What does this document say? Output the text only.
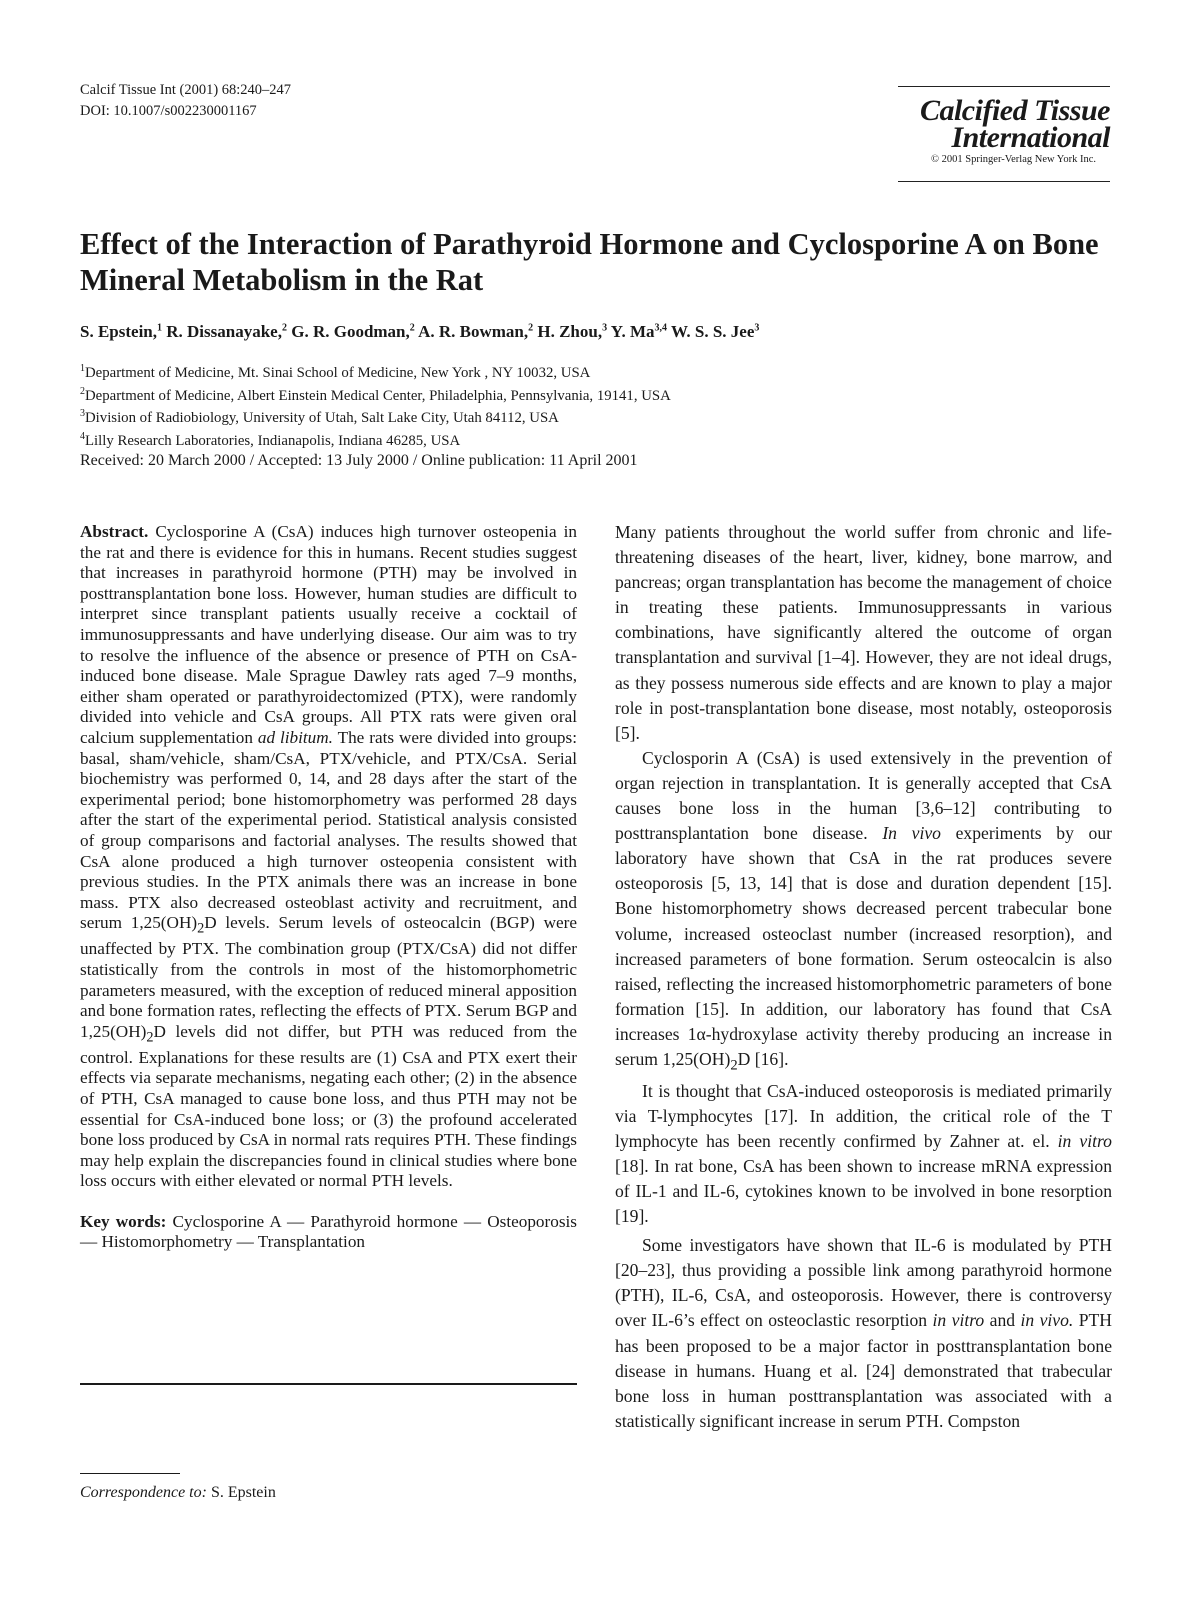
Calcif Tissue Int (2001) 68:240–247
DOI: 10.1007/s002230001167	Calcified Tissue
International
© 2001 Springer-Verlag New York Inc.
Effect of the Interaction of Parathyroid Hormone and Cyclosporine A on Bone Mineral Metabolism in the Rat
S. Epstein,$^1$ R. Dissanayake,$^2$ G. R. Goodman,$^2$ A. R. Bowman,$^2$ H. Zhou,$^3$ Y. Ma$^{3,4}$ W. S. S. Jee$^3$
$^1$Department of Medicine, Mt. Sinai School of Medicine, New York , NY 10032, USA
$^2$Department of Medicine, Albert Einstein Medical Center, Philadelphia, Pennsylvania, 19141, USA
$^3$Division of Radiobiology, University of Utah, Salt Lake City, Utah 84112, USA
$^4$Lilly Research Laboratories, Indianapolis, Indiana 46285, USA
Received: 20 March 2000 / Accepted: 13 July 2000 / Online publication: 11 April 2001

Abstract. Cyclosporine A (CsA) induces high turnover osteopenia in the rat and there is evidence for this in humans. Recent studies suggest that increases in parathyroid hormone (PTH) may be involved in posttransplantation bone loss. However, human studies are difficult to interpret since transplant patients usually receive a cocktail of immunosuppressants and have underlying disease. Our aim was to try to resolve the influence of the absence or presence of PTH on CsA-induced bone disease. Male Sprague Dawley rats aged 7–9 months, either sham operated or parathyroidectomized (PTX), were randomly divided into vehicle and CsA groups. All PTX rats were given oral calcium supplementation ad libitum. The rats were divided into groups: basal, sham/vehicle, sham/CsA, PTX/vehicle, and PTX/CsA. Serial biochemistry was performed 0, 14, and 28 days after the start of the experimental period; bone histomorphometry was performed 28 days after the start of the experimental period. Statistical analysis consisted of group comparisons and factorial analyses. The results showed that CsA alone produced a high turnover osteopenia consistent with previous studies. In the PTX animals there was an increase in bone mass. PTX also decreased osteoblast activity and recruitment, and serum $1,25(OH)_2D$ levels. Serum levels of osteocalcin (BGP) were unaffected by PTX. The combination group (PTX/CsA) did not differ statistically from the controls in most of the histomorphometric parameters measured, with the exception of reduced mineral apposition and bone formation rates, reflecting the effects of PTX. Serum BGP and $1,25(OH)_2D$ levels did not differ, but PTH was reduced from the control. Explanations for these results are (1) CsA and PTX exert their effects via separate mechanisms, negating each other; (2) in the absence of PTH, CsA managed to cause bone loss, and thus PTH may not be essential for CsA-induced bone loss; or (3) the profound accelerated bone loss produced by CsA in normal rats requires PTH. These findings may help explain the discrepancies found in clinical studies where bone loss occurs with either elevated or normal PTH levels.

Key words: Cyclosporine A — Parathyroid hormone — Osteoporosis — Histomorphometry — Transplantation

Correspondence to: S. Epstein

Many patients throughout the world suffer from chronic and life-threatening diseases of the heart, liver, kidney, bone marrow, and pancreas; organ transplantation has become the management of choice in treating these patients. Immunosuppressants in various combinations, have significantly altered the outcome of organ transplantation and survival [1–4]. However, they are not ideal drugs, as they possess numerous side effects and are known to play a major role in post-transplantation bone disease, most notably, osteoporosis [5].

Cyclosporin A (CsA) is used extensively in the prevention of organ rejection in transplantation. It is generally accepted that CsA causes bone loss in the human [3,6–12] contributing to posttransplantation bone disease. In vivo experiments by our laboratory have shown that CsA in the rat produces severe osteoporosis [5, 13, 14] that is dose and duration dependent [15]. Bone histomorphometry shows decreased percent trabecular bone volume, increased osteoclast number (increased resorption), and increased parameters of bone formation. Serum osteocalcin is also raised, reflecting the increased histomorphometric parameters of bone formation [15]. In addition, our laboratory has found that CsA increases 1α-hydroxylase activity thereby producing an increase in serum $1,25(OH)_2D$ [16].

It is thought that CsA-induced osteoporosis is mediated primarily via T-lymphocytes [17]. In addition, the critical role of the T lymphocyte has been recently confirmed by Zahner at. el. in vitro [18]. In rat bone, CsA has been shown to increase mRNA expression of IL-1 and IL-6, cytokines known to be involved in bone resorption [19].

Some investigators have shown that IL-6 is modulated by PTH [20–23], thus providing a possible link among parathyroid hormone (PTH), IL-6, CsA, and osteoporosis. However, there is controversy over IL-6’s effect on osteoclastic resorption in vitro and in vivo. PTH has been proposed to be a major factor in posttransplantation bone disease in humans. Huang et al. [24] demonstrated that trabecular bone loss in human posttransplantation was associated with a statistically significant increase in serum PTH. Compston
